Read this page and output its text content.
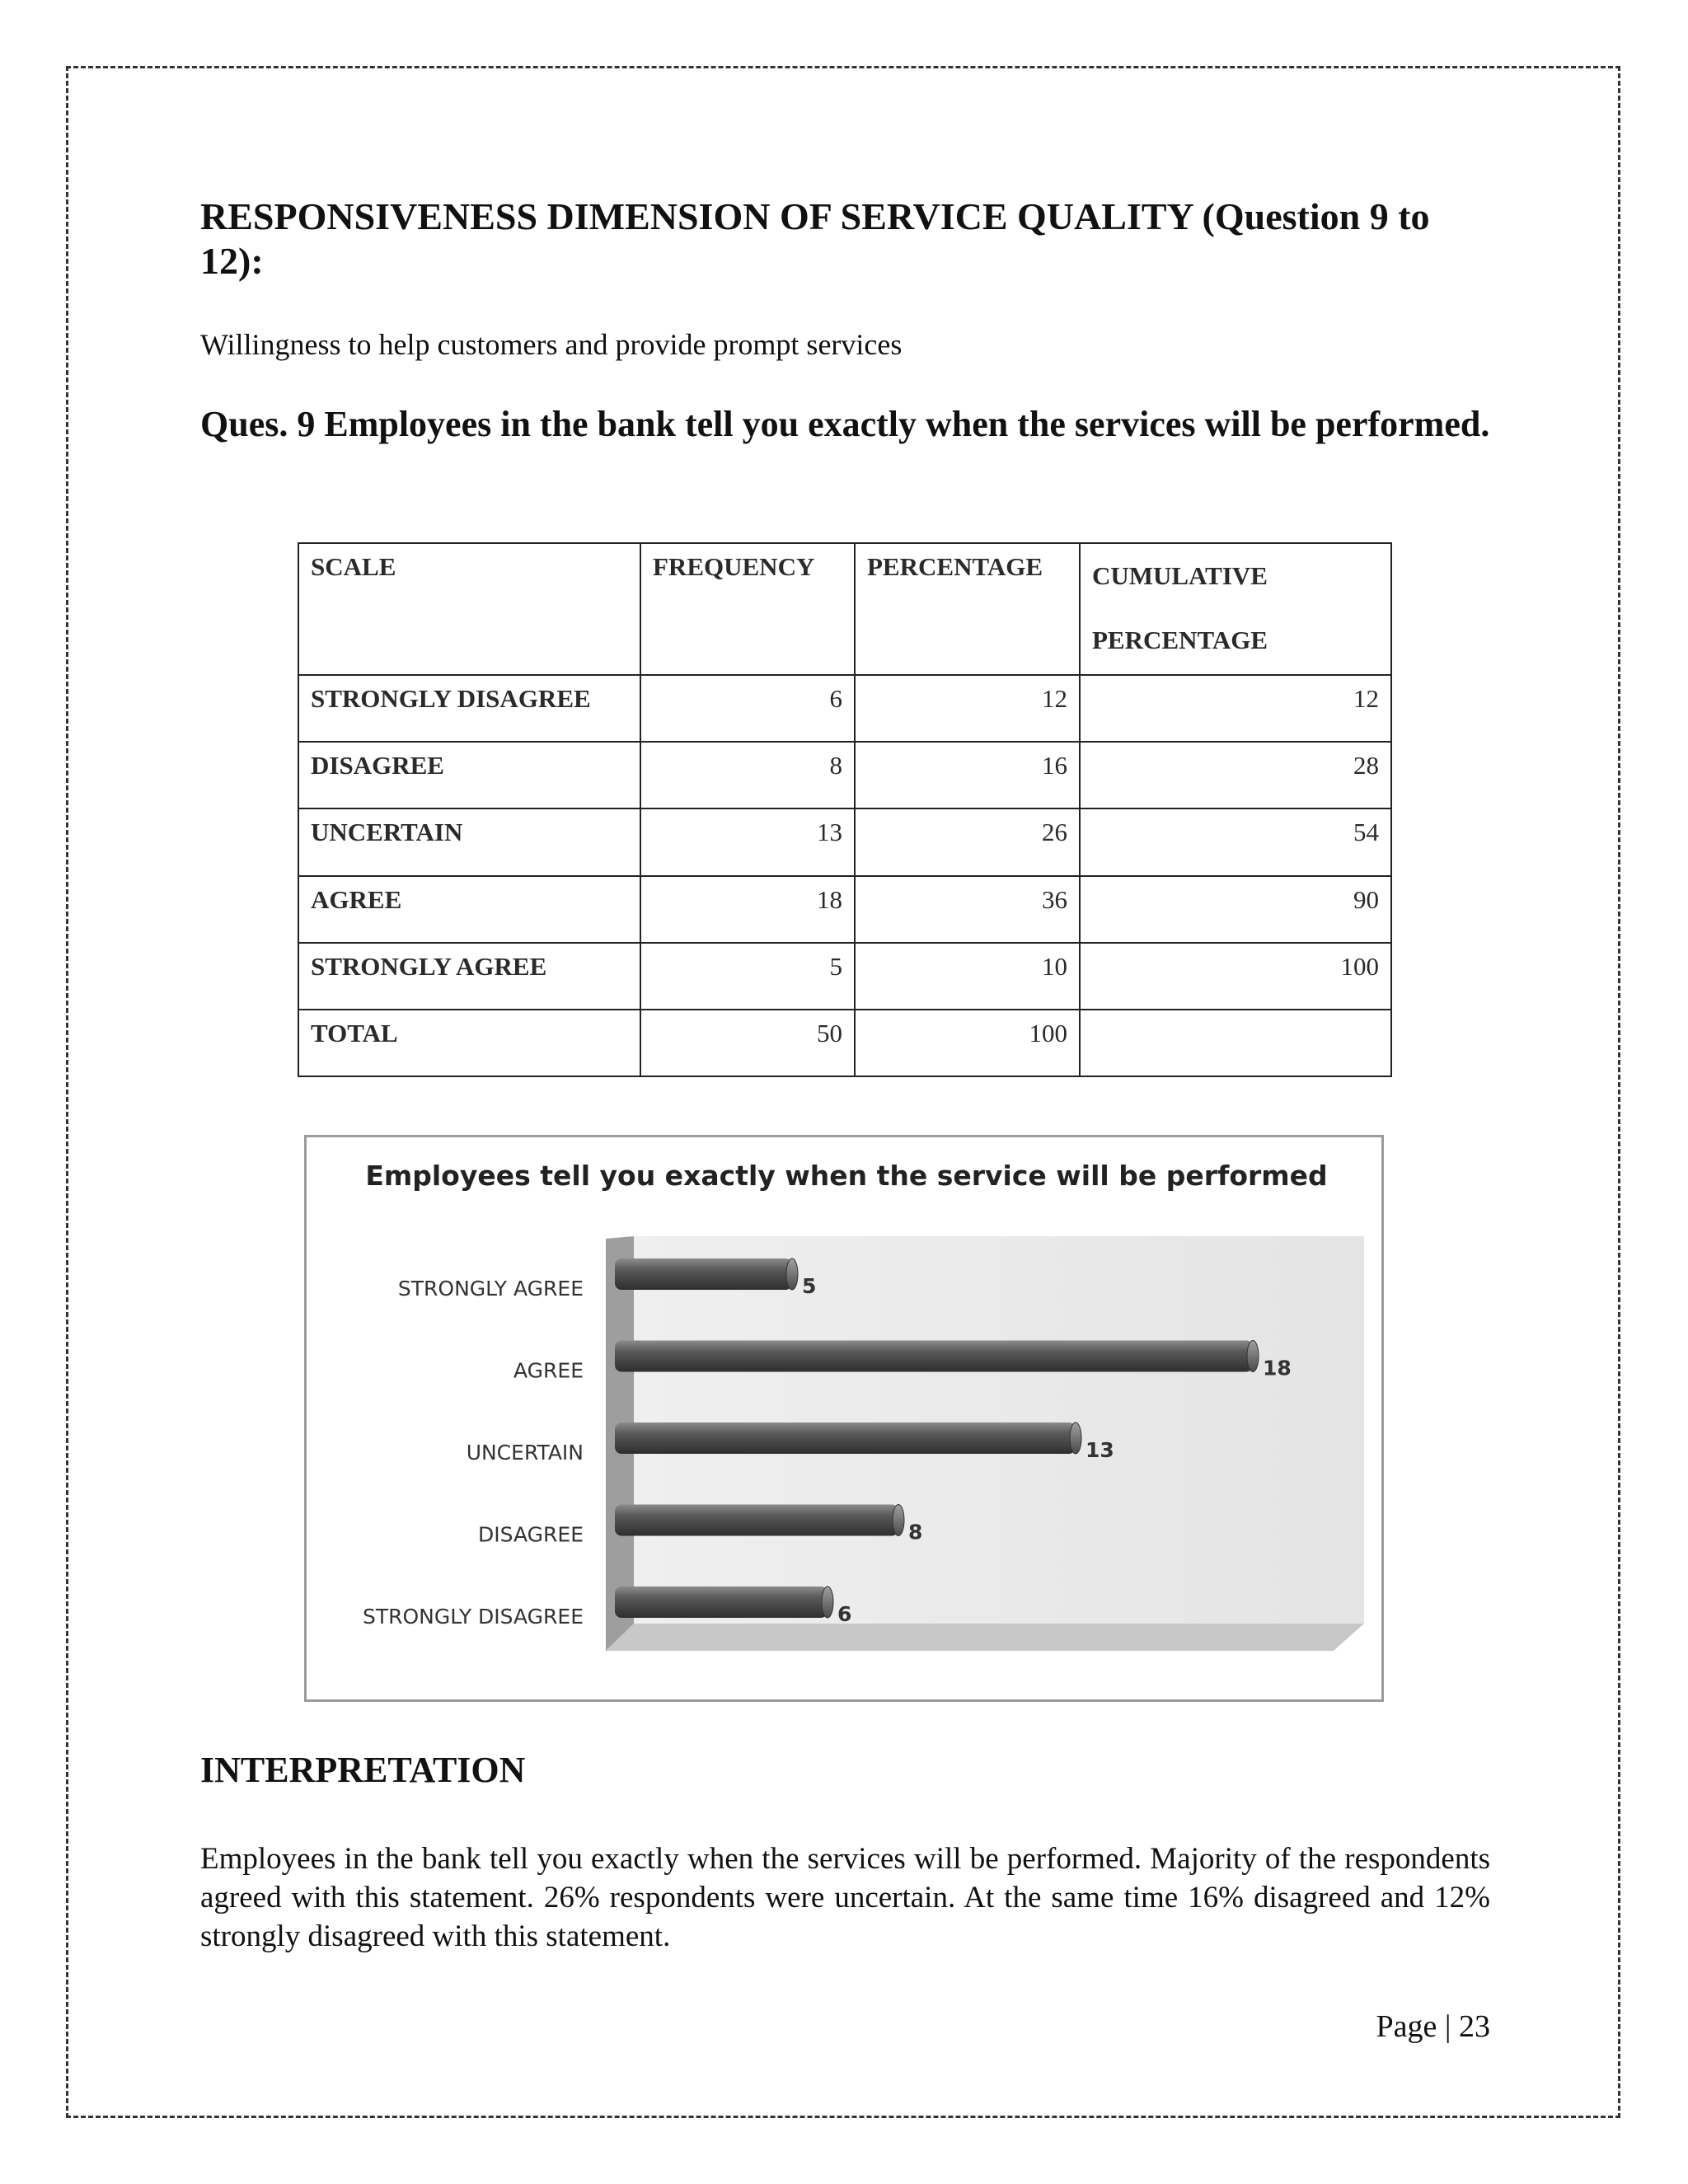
RESPONSIVENESS DIMENSION OF SERVICE QUALITY (Question 9 to 12):
Willingness to help customers and provide prompt services
Ques. 9 Employees in the bank tell you exactly when the services will be performed.
SCALE	FREQUENCY	PERCENTAGE	CUMULATIVE PERCENTAGE
STRONGLY DISAGREE	6	12	12
DISAGREE	8	16	28
UNCERTAIN	13	26	54
AGREE	18	36	90
STRONGLY AGREE	5	10	100
TOTAL	50	100	
Employees tell you exactly when the service will be performed
STRONGLY AGREE	5
AGREE	18
UNCERTAIN	13
DISAGREE	8
STRONGLY DISAGREE	6
INTERPRETATION
Employees in the bank tell you exactly when the services will be performed. Majority of the respondents agreed with this statement. 26% respondents were uncertain. At the same time 16% disagreed and 12% strongly disagreed with this statement.
Page | 23
